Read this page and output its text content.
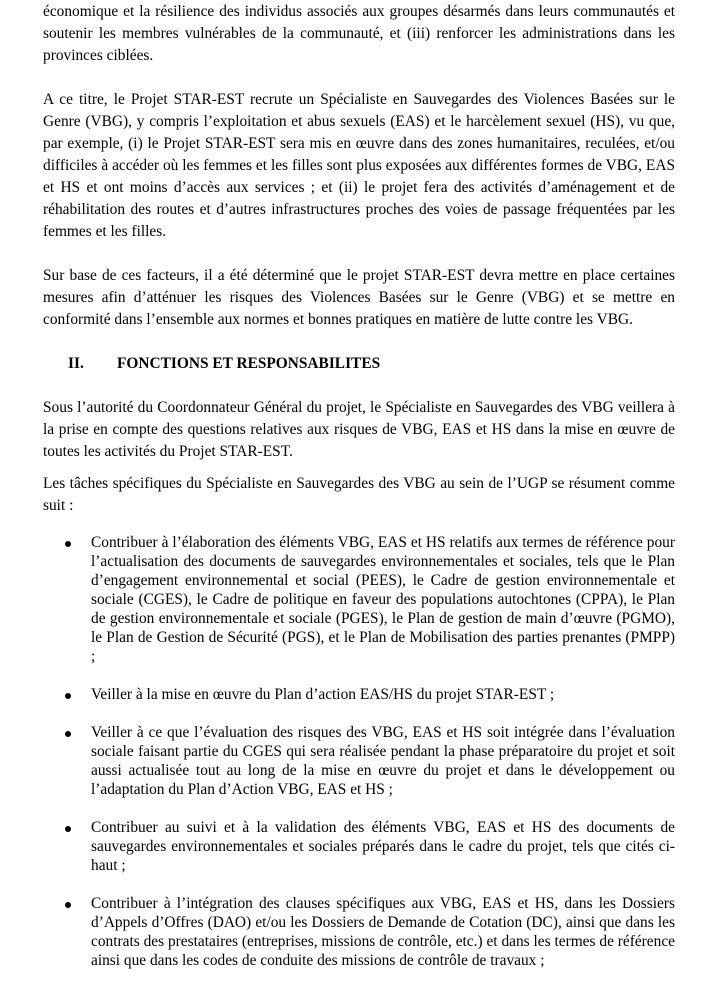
économique et la résilience des individus associés aux groupes désarmés dans leurs communautés et soutenir les membres vulnérables de la communauté, et (iii) renforcer les administrations dans les provinces ciblées.

A ce titre, le Projet STAR-EST recrute un Spécialiste en Sauvegardes des Violences Basées sur le Genre (VBG), y compris l’exploitation et abus sexuels (EAS) et le harcèlement sexuel (HS), vu que, par exemple, (i) le Projet STAR-EST sera mis en œuvre dans des zones humanitaires, reculées, et/ou difficiles à accéder où les femmes et les filles sont plus exposées aux différentes formes de VBG, EAS et HS et ont moins d’accès aux services ; et (ii) le projet fera des activités d’aménagement et de réhabilitation des routes et d’autres infrastructures proches des voies de passage fréquentées par les femmes et les filles.

Sur base de ces facteurs, il a été déterminé que le projet STAR-EST devra mettre en place certaines mesures afin d’atténuer les risques des Violences Basées sur le Genre (VBG) et se mettre en conformité dans l’ensemble aux normes et bonnes pratiques en matière de lutte contre les VBG.

II.	FONCTIONS ET RESPONSABILITES

Sous l’autorité du Coordonnateur Général du projet, le Spécialiste en Sauvegardes des VBG veillera à la prise en compte des questions relatives aux risques de VBG, EAS et HS dans la mise en œuvre de toutes les activités du Projet STAR-EST.

Les tâches spécifiques du Spécialiste en Sauvegardes des VBG au sein de l’UGP se résument comme suit :

Contribuer à l’élaboration des éléments VBG, EAS et HS relatifs aux termes de référence pour l’actualisation des documents de sauvegardes environnementales et sociales, tels que le Plan d’engagement environnemental et social (PEES), le Cadre de gestion environnementale et sociale (CGES), le Cadre de politique en faveur des populations autochtones (CPPA), le Plan de gestion environnementale et sociale (PGES), le Plan de gestion de main d’œuvre (PGMO), le Plan de Gestion de Sécurité (PGS), et le Plan de Mobilisation des parties prenantes (PMPP) ;
Veiller à la mise en œuvre du Plan d’action EAS/HS du projet STAR-EST ;
Veiller à ce que l’évaluation des risques des VBG, EAS et HS soit intégrée dans l’évaluation sociale faisant partie du CGES qui sera réalisée pendant la phase préparatoire du projet et soit aussi actualisée tout au long de la mise en œuvre du projet et dans le développement ou l’adaptation du Plan d’Action VBG, EAS et HS ;
Contribuer au suivi et à la validation des éléments VBG, EAS et HS des documents de sauvegardes environnementales et sociales préparés dans le cadre du projet, tels que cités ci-haut ;
Contribuer à l’intégration des clauses spécifiques aux VBG, EAS et HS, dans les Dossiers d’Appels d’Offres (DAO) et/ou les Dossiers de Demande de Cotation (DC), ainsi que dans les contrats des prestataires (entreprises, missions de contrôle, etc.) et dans les termes de référence ainsi que dans les codes de conduite des missions de contrôle de travaux ;
